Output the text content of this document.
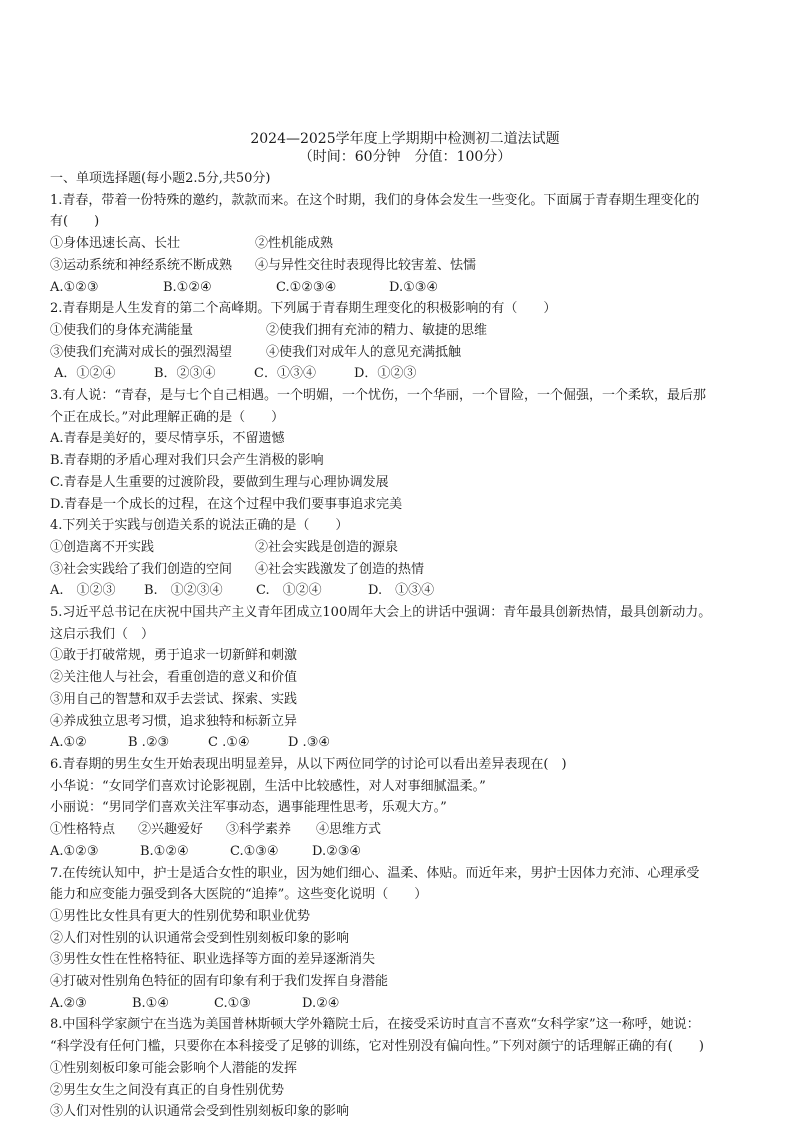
2024—2025学年度上学期期中检测初二道法试题
（时间：60分钟　分值：100分）
一、单项选择题(每小题2.5分,共50分)
1.青春，带着一份特殊的邀约，款款而来。在这个时期，我们的身体会发生一些变化。下面属于青春期生理变化的
有(　　)
①身体迅速长高、长壮	②性机能成熟
③运动系统和神经系统不断成熟	④与异性交往时表现得比较害羞、怯懦
A.①②③	B.①②④	C.①②③④	D.①③④
2.青春期是人生发育的第二个高峰期。下列属于青春期生理变化的积极影响的有（　　）
①使我们的身体充满能量	②使我们拥有充沛的精力、敏捷的思维
③使我们充满对成长的强烈渴望	④使我们对成年人的意见充满抵触
A．①②④	B．②③④	C．①③④	D．①②③
3.有人说：“青春，是与七个自己相遇。一个明媚，一个忧伤，一个华丽，一个冒险，一个倔强，一个柔软，最后那
个正在成长。”对此理解正确的是（　　）
A.青春是美好的，要尽情享乐，不留遗憾
B.青春期的矛盾心理对我们只会产生消极的影响
C.青春是人生重要的过渡阶段，要做到生理与心理协调发展
D.青春是一个成长的过程，在这个过程中我们要事事追求完美
4.下列关于实践与创造关系的说法正确的是（　　）
①创造离不开实践	②社会实践是创造的源泉
③社会实践给了我们创造的空间	④社会实践激发了创造的热情
A.　①②③	B.　①②③④	C.　①②④	D.　①③④
5.习近平总书记在庆祝中国共产主义青年团成立100周年大会上的讲话中强调：青年最具创新热情，最具创新动力。
这启示我们（　）
①敢于打破常规，勇于追求一切新鲜和刺激
②关注他人与社会，看重创造的意义和价值
③用自己的智慧和双手去尝试、探索、实践
④养成独立思考习惯，追求独特和标新立异
A.①②	B .②③	C .①④	D .③④
6.青春期的男生女生开始表现出明显差异，从以下两位同学的讨论可以看出差异表现在(　)
小华说：“女同学们喜欢讨论影视剧，生活中比较感性，对人对事细腻温柔。”
小丽说：“男同学们喜欢关注军事动态，遇事能理性思考，乐观大方。”
①性格特点	②兴趣爱好	③科学素养	④思维方式
A.①②③	B.①②④	C.①③④	D.②③④
7.在传统认知中，护士是适合女性的职业，因为她们细心、温柔、体贴。而近年来，男护士因体力充沛、心理承受
能力和应变能力强受到各大医院的“追捧”。这些变化说明（　　）
①男性比女性具有更大的性别优势和职业优势
②人们对性别的认识通常会受到性别刻板印象的影响
③男性女性在性格特征、职业选择等方面的差异逐渐消失
④打破对性别角色特征的固有印象有利于我们发挥自身潜能
A.②③	B.①④	C.①③	D.②④
8.中国科学家颜宁在当选为美国普林斯顿大学外籍院士后，在接受采访时直言不喜欢“女科学家”这一称呼，她说：
“科学没有任何门槛，只要你在本科接受了足够的训练，它对性别没有偏向性。”下列对颜宁的话理解正确的有(　　)
①性别刻板印象可能会影响个人潜能的发挥
②男生女生之间没有真正的自身性别优势
③人们对性别的认识通常会受到性别刻板印象的影响
